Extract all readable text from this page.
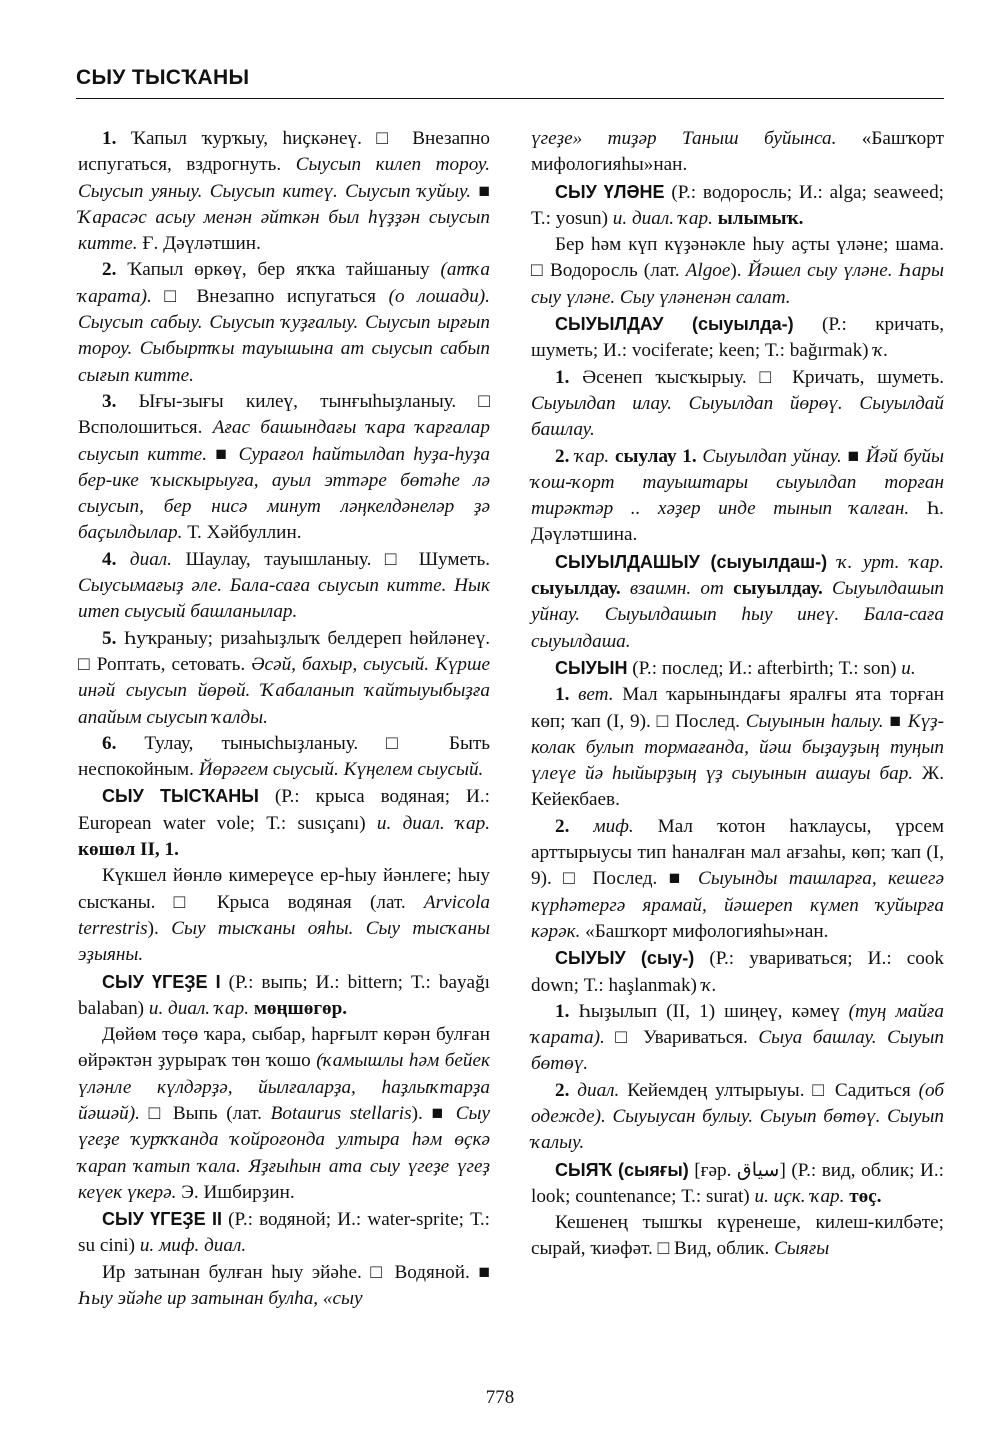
СЫУ ТЫСҠАНЫ

1. Ҡапыл ҡурҡыу, һиҫкәнеү. □ Внезапно испугаться, вздрогнуть. Сыусып килеп тороу. Сыусып уяныу. Сыусып китеү. Сыусып ҡуйыу. ■ Ҡарасәс асыу менән әйткән был һүҙҙән сыусып китте. Ғ. Дәүләтшин.

2. Ҡапыл өркөү, бер яҡҡа тайшаныу (атҡа ҡарата). □ Внезапно испугаться (о лошади). Сыусып сабыу. Сыусып ҡуҙғалыу. Сыусып ырғып тороу. Сыбыртҡы тауышына ат сыусып сабып сығып китте.

3. Ығы-зығы килеү, тынғыһыҙланыу. □ Всполошиться. Ағас башындағы ҡара ҡарғалар сыусып китте. ■ Сурағол һайтылдап һуҙа-һуҙа бер-ике ҡыскырыуға, ауыл эттәре бөтәһе лә сыусып, бер нисә минут ләңкелдәнеләр ҙә баҫылдылар. Т. Хәйбуллин.

4. диал. Шаулау, тауышланыу. □ Шуметь. Сыусымағыҙ әле. Бала-саға сыусып китте. Нык итеп сыусый башланылар.

5. Һуҡраныу; ризаһыҙлыҡ белдереп һөйләнеү. □ Роптать, сетовать. Әсәй, бахыр, сыусый. Күрше инәй сыусып йөрөй. Ҡабаланып ҡайтыуыбыҙға апайым сыусып ҡалды.

6. Тулау, тынысһыҙланыу. □ Быть неспокойным. Йөрәгем сыусый. Күңелем сыусый.

СЫУ ТЫСҠАНЫ (Р.: крыса водяная; И.: European water vole; Т.: susıçanı) и. диал. ҡар. көшөл II, 1.

Күкшел йөнлө кимереүсе ер-һыу йәнлеге; һыу сысҡаны. □ Крыса водяная (лат. Arvicola terrestris). Сыу тысҡаны ояһы. Сыу тысҡаны эҙыяны.

СЫУ ҮГЕҘЕ I (Р.: выпь; И.: bittern; Т.: bayağı balaban) и. диал. ҡар. мөңшөгөр.

Дөйөм төҫө ҡара, сыбар, һарғылт көрән булған өйрәктән ҙурыраҡ төн ҡошо (ҡамышлы һәм бейек үләнле күлдәрҙә, йылғаларҙа, һаҙлыҡтарҙа йәшәй). □ Выпь (лат. Botaurus stellaris). ■ Сыу үгеҙе ҡурҡҡанда ҡойроғонда ултыра һәм өҫкә ҡарап ҡатып ҡала. Яҙғыһын ата сыу үгеҙе үгеҙ кеүек үкерә. Э. Ишбирҙин.

СЫУ ҮГЕҘЕ II (Р.: водяной; И.: water-sprite; Т.: su cini) и. миф. диал.

Ир затынан булған һыу эйәһе. □ Водяной. ■ Һыу эйәһе ир затынан булһа, «сыу

үгеҙе» тиҙәр Таныш буйынса. «Башҡорт мифологияһы»нан.

СЫУ ҮЛӘНЕ (Р.: водоросль; И.: alga; seaweed; Т.: yosun) и. диал. ҡар. ылымыҡ.

Бер һәм күп күҙәнәкле һыу аҫты үләне; шама. □ Водоросль (лат. Algoe). Йәшел сыу үләне. Һары сыу үләне. Сыу үләненән салат.

СЫУЫЛДАУ (сыуылда-) (Р.: кричать, шуметь; И.: vociferate; keen; Т.: bağırmak) ҡ.

1. Әсенеп ҡысҡырыу. □ Кричать, шуметь. Сыуылдап илау. Сыуылдап йөрөү. Сыуылдай башлау.

2. ҡар. сыулау 1. Сыуылдап уйнау. ■ Йәй буйы ҡош-ҡорт тауыштары сыуылдап торған тирәктәр .. хәҙер инде тынып ҡалған. Һ. Дәүләтшина.

СЫУЫЛДАШЫУ (сыуылдаш-) ҡ. урт. ҡар. сыуылдау. взаимн. от сыуылдау. Сыуылдашып уйнау. Сыуылдашып һыу инеү. Бала-саға сыуылдаша.

СЫУЫН (Р.: послед; И.: afterbirth; Т.: son) и.

1. вет. Мал ҡарынындағы яралғы ята торған көп; ҡап (I, 9). □ Послед. Сыуынын һалыу. ■ Күҙ-колак булып тормағанда, йәш быҙауҙың туңып үлеүе йә һыйырҙың үҙ сыуынын ашауы бар. Ж. Кейекбаев.

2. миф. Мал ҡотон һаҡлаусы, үрсем арттырыусы тип һаналған мал ағзаһы, көп; ҡап (I, 9). □ Послед. ■ Сыуынды ташларға, кешегә күрһәтергә ярамай, йәшереп күмеп ҡуйырға кәрәк. «Башҡорт мифологияһы»нан.

СЫУЫУ (сыу-) (Р.: увариваться; И.: cook down; Т.: haşlanmak) ҡ.

1. Һыҙылып (II, 1) шиңеү, кәмеү (туң майға ҡарата). □ Увариваться. Сыуа башлау. Сыуып бөтөү.

2. диал. Кейемдең ултырыуы. □ Садиться (об одежде). Сыуыусан булыу. Сыуып бөтөү. Сыуып ҡалыу.

СЫЯҠ (сыяғы) [ғәр. سياق] (Р.: вид, облик; И.: look; countenance; Т.: surat) и. иҫк. ҡар. төҫ.

Кешенең тышҡы күренеше, килеш-килбәте; сырай, ҡиәфәт. □ Вид, облик. Сыяғы

778
